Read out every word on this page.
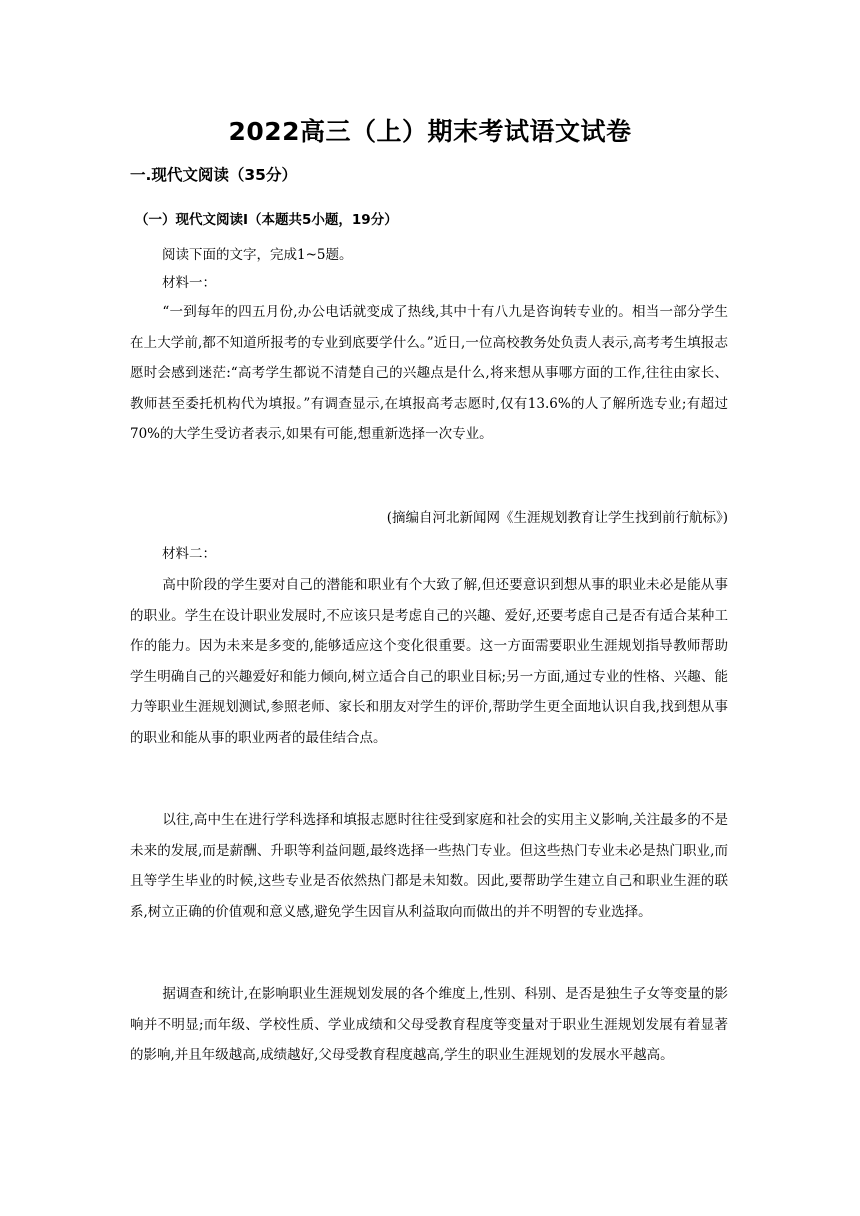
2022高三（上）期末考试语文试卷
一.现代文阅读（35分）
（一）现代文阅读Ⅰ（本题共5小题，19分）
阅读下面的文字，完成1~5题。
材料一：

“一到每年的四五月份,办公电话就变成了热线,其中十有八九是咨询转专业的。相当一部分学生在上大学前,都不知道所报考的专业到底要学什么。”近日,一位高校教务处负责人表示,高考考生填报志愿时会感到迷茫:“高考学生都说不清楚自己的兴趣点是什么,将来想从事哪方面的工作,往往由家长、教师甚至委托机构代为填报。”有调查显示,在填报高考志愿时,仅有13.6%的人了解所选专业;有超过70%的大学生受访者表示,如果有可能,想重新选择一次专业。

(摘编自河北新闻网《生涯规划教育让学生找到前行航标》)
材料二：

高中阶段的学生要对自己的潜能和职业有个大致了解,但还要意识到想从事的职业未必是能从事的职业。学生在设计职业发展时,不应该只是考虑自己的兴趣、爱好,还要考虑自己是否有适合某种工作的能力。因为未来是多变的,能够适应这个变化很重要。这一方面需要职业生涯规划指导教师帮助学生明确自己的兴趣爱好和能力倾向,树立适合自己的职业目标;另一方面,通过专业的性格、兴趣、能力等职业生涯规划测试,参照老师、家长和朋友对学生的评价,帮助学生更全面地认识自我,找到想从事的职业和能从事的职业两者的最佳结合点。

以往,高中生在进行学科选择和填报志愿时往往受到家庭和社会的实用主义影响,关注最多的不是未来的发展,而是薪酬、升职等利益问题,最终选择一些热门专业。但这些热门专业未必是热门职业,而且等学生毕业的时候,这些专业是否依然热门都是未知数。因此,要帮助学生建立自己和职业生涯的联系,树立正确的价值观和意义感,避免学生因盲从利益取向而做出的并不明智的专业选择。

据调查和统计,在影响职业生涯规划发展的各个维度上,性别、科别、是否是独生子女等变量的影响并不明显;而年级、学校性质、学业成绩和父母受教育程度等变量对于职业生涯规划发展有着显著的影响,并且年级越高,成绩越好,父母受教育程度越高,学生的职业生涯规划的发展水平越高。
